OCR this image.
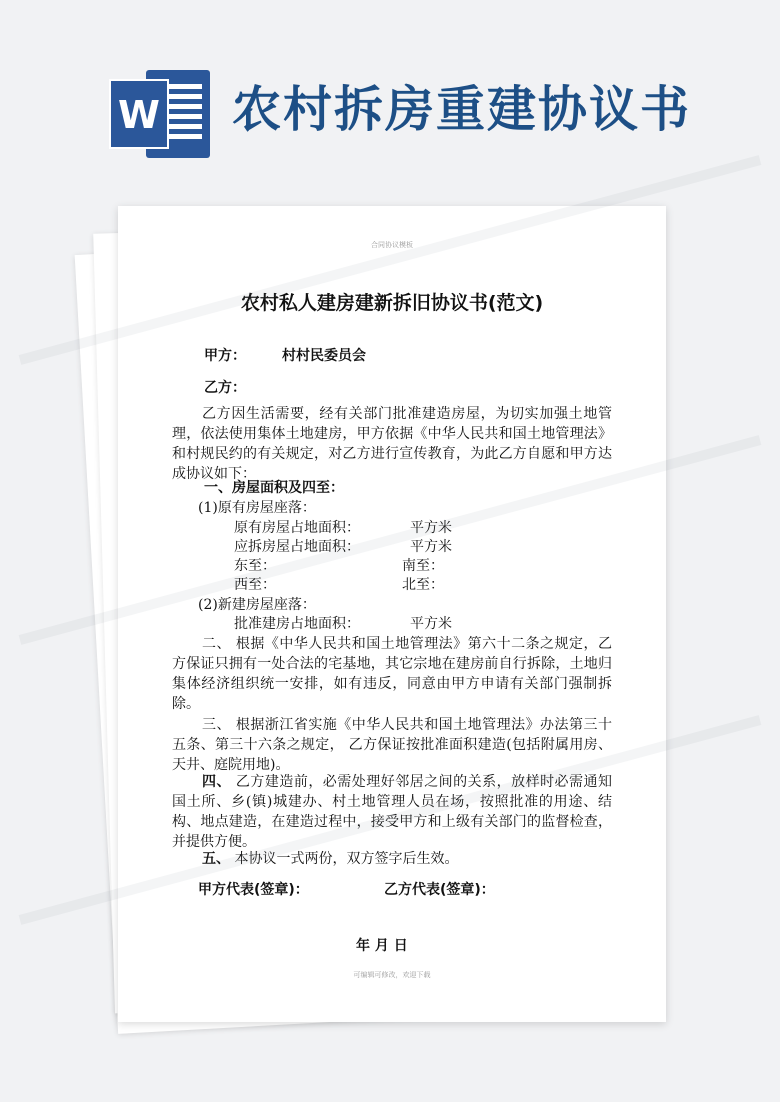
W 农村拆房重建协议书
合同协议模板
农村私人建房建新拆旧协议书(范文)
甲方：	村村民委员会
乙方：
乙方因生活需要，经有关部门批准建造房屋，为切实加强土地管理，依法使用集体土地建房，甲方依据《中华人民共和国土地管理法》和村规民约的有关规定，对乙方进行宣传教育，为此乙方自愿和甲方达成协议如下：
一、房屋面积及四至：
(1)原有房屋座落：
原有房屋占地面积：	平方米
应拆房屋占地面积：	平方米
东至：	南至：
西至：	北至：
(2)新建房屋座落：
批准建房占地面积：	平方米
二、 根据《中华人民共和国土地管理法》第六十二条之规定，乙方保证只拥有一处合法的宅基地，其它宗地在建房前自行拆除，土地归集体经济组织统一安排，如有违反，同意由甲方申请有关部门强制拆除。
三、 根据浙江省实施《中华人民共和国土地管理法》办法第三十五条、第三十六条之规定， 乙方保证按批准面积建造(包括附属用房、天井、庭院用地)。
四、 乙方建造前，必需处理好邻居之间的关系，放样时必需通知国土所、乡(镇)城建办、村土地管理人员在场，按照批准的用途、结构、地点建造，在建造过程中，接受甲方和上级有关部门的监督检查，并提供方便。
五、 本协议一式两份，双方签字后生效。
甲方代表(签章)：	乙方代表(签章)：
年 月 日
可编辑可修改，欢迎下载
